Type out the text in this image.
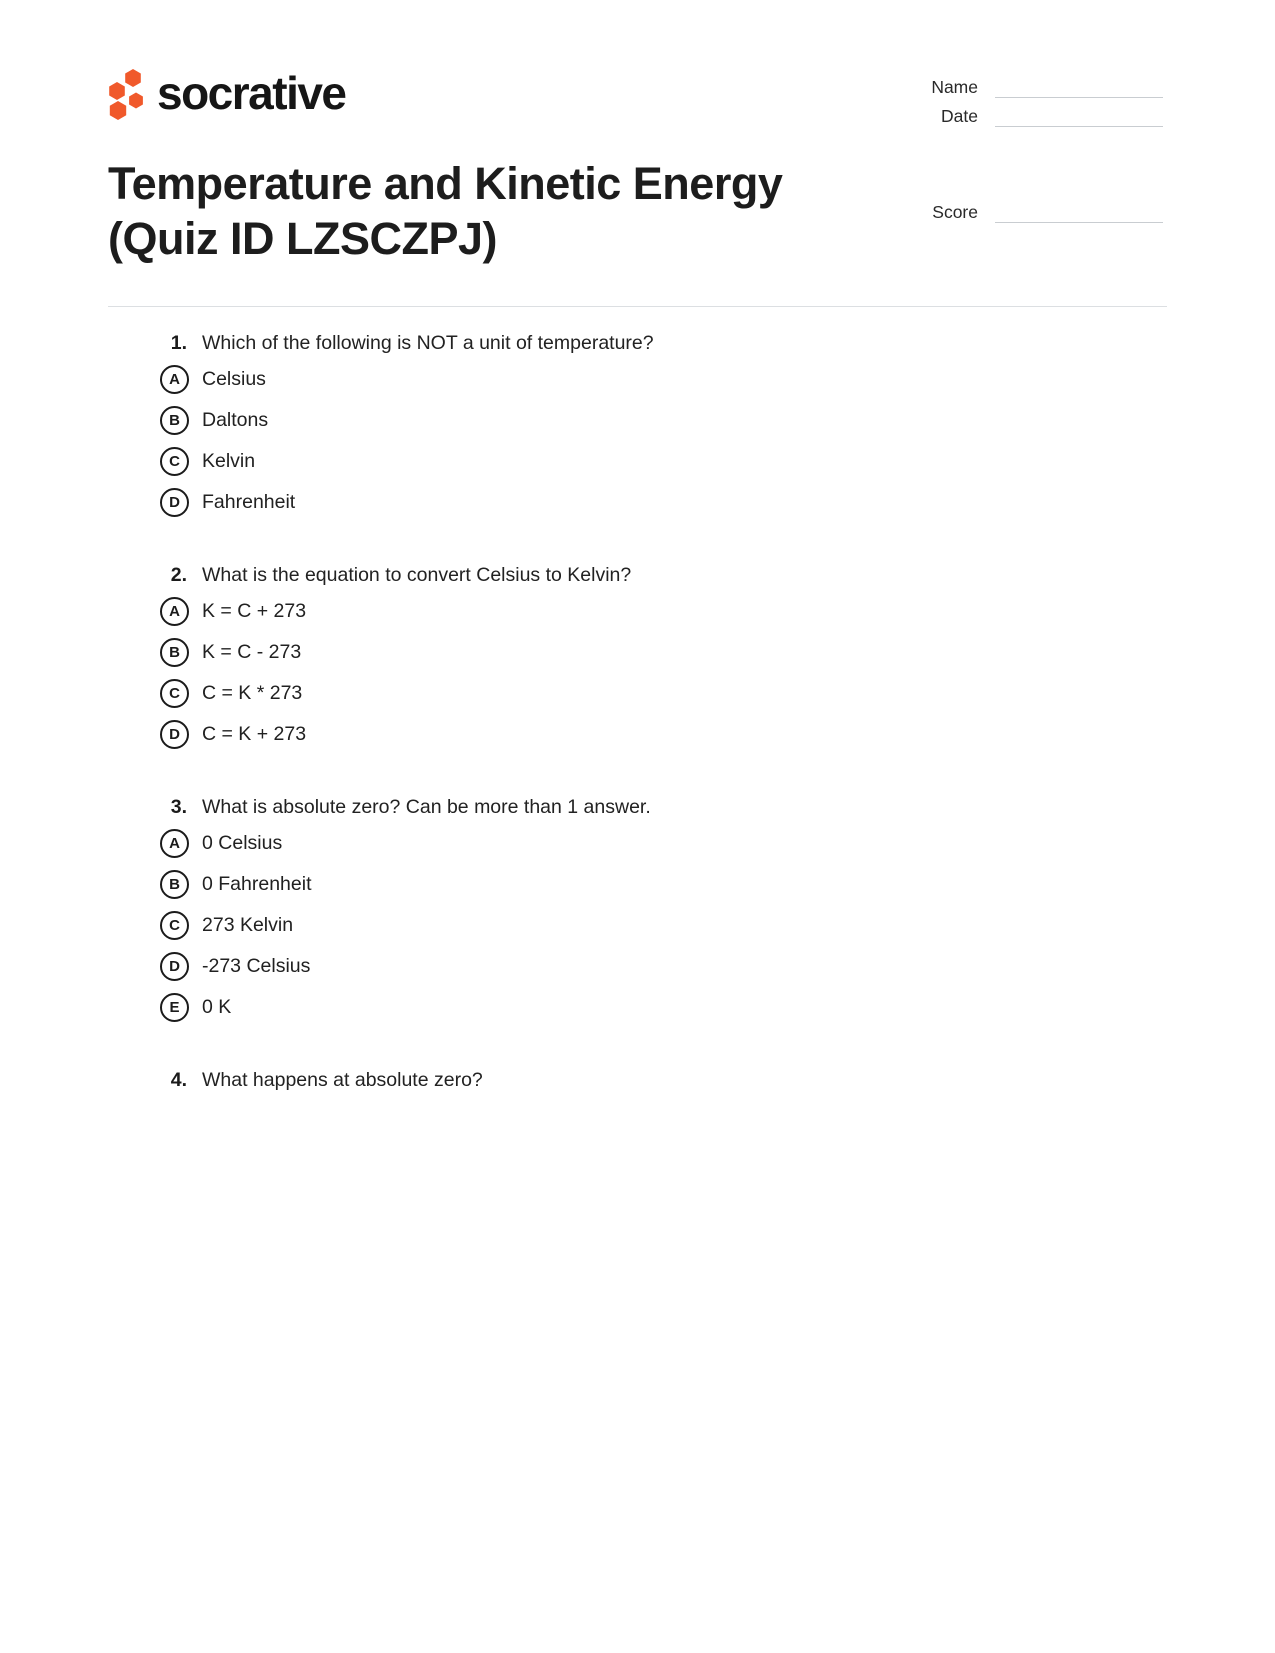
socrative	Name
Date
Score
Temperature and Kinetic Energy (Quiz ID LZSCZPJ)
1. Which of the following is NOT a unit of temperature?
A	Celsius
B	Daltons
C	Kelvin
D	Fahrenheit
2. What is the equation to convert Celsius to Kelvin?
A	K = C + 273
B	K = C - 273
C	C = K * 273
D	C = K + 273
3. What is absolute zero? Can be more than 1 answer.
A	0 Celsius
B	0 Fahrenheit
C	273 Kelvin
D	-273 Celsius
E	0 K
4. What happens at absolute zero?
